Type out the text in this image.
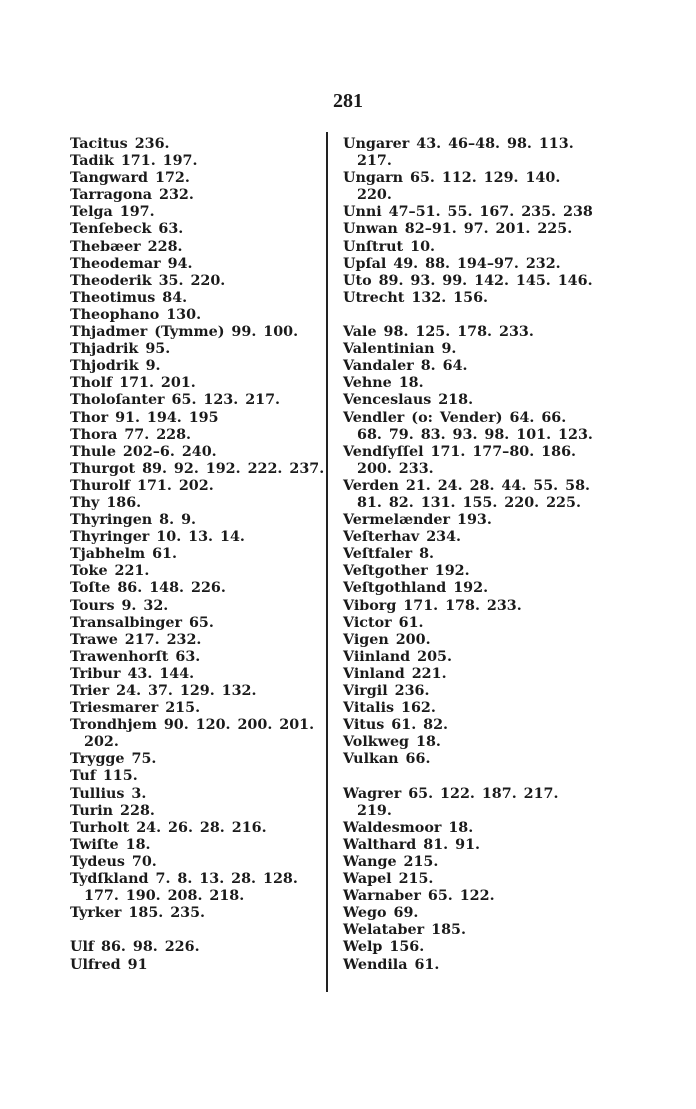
281
Tacitus 236.
Tadik 171. 197.
Tangward 172.
Tarragona 232.
Telga 197.
Tenſebeck 63.
Thebæer 228.
Theodemar 94.
Theoderik 35. 220.
Theotimus 84.
Theophano 130.
Thjadmer (Tymme) 99. 100.
Thjadrik 95.
Thjodrik 9.
Tholf 171. 201.
Tholoſanter 65. 123. 217.
Thor 91. 194. 195
Thora 77. 228.
Thule 202–6. 240.
Thurgot 89. 92. 192. 222. 237.
Thurolf 171. 202.
Thy 186.
Thyringen 8. 9.
Thyringer 10. 13. 14.
Tjabhelm 61.
Toke 221.
Toſte 86. 148. 226.
Tours 9. 32.
Transalbinger 65.
Trawe 217. 232.
Trawenhorſt 63.
Tribur 43. 144.
Trier 24. 37. 129. 132.
Triesmarer 215.
Trondhjem 90. 120. 200. 201. 202.
Trygge 75.
Tuf 115.
Tullius 3.
Turin 228.
Turholt 24. 26. 28. 216.
Twiſte 18.
Tydeus 70.
Tydſkland 7. 8. 13. 28. 128. 177. 190. 208. 218.
Tyrker 185. 235.
Ulf 86. 98. 226.
Ulfred 91
Ungarer 43. 46–48. 98. 113. 217.
Ungarn 65. 112. 129. 140. 220.
Unni 47–51. 55. 167. 235. 238
Unwan 82–91. 97. 201. 225.
Unſtrut 10.
Upſal 49. 88. 194–97. 232.
Uto 89. 93. 99. 142. 145. 146.
Utrecht 132. 156.
Vale 98. 125. 178. 233.
Valentinian 9.
Vandaler 8. 64.
Vehne 18.
Venceslaus 218.
Vendler (o: Vender) 64. 66. 68. 79. 83. 93. 98. 101. 123.
Vendſyſſel 171. 177–80. 186. 200. 233.
Verden 21. 24. 28. 44. 55. 58. 81. 82. 131. 155. 220. 225.
Vermelænder 193.
Veſterhav 234.
Veſtfaler 8.
Veſtgother 192.
Veſtgothland 192.
Viborg 171. 178. 233.
Victor 61.
Vigen 200.
Viinland 205.
Vinland 221.
Virgil 236.
Vitalis 162.
Vitus 61. 82.
Volkweg 18.
Vulkan 66.
Wagrer 65. 122. 187. 217. 219.
Waldesmoor 18.
Walthard 81. 91.
Wange 215.
Wapel 215.
Warnaber 65. 122.
Wego 69.
Welataber 185.
Welp 156.
Wendila 61.
